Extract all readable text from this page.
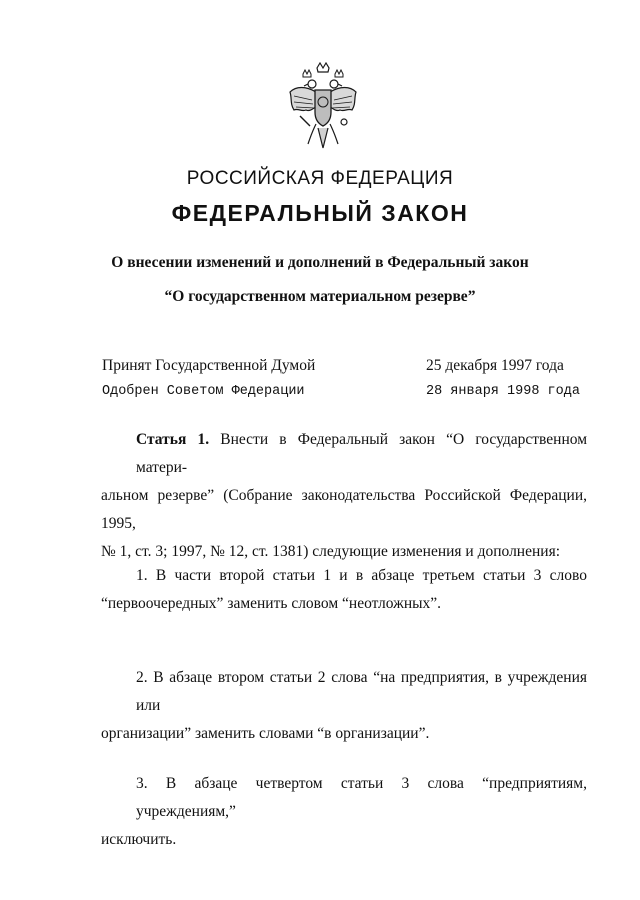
РОССИЙСКАЯ ФЕДЕРАЦИЯ
ФЕДЕРАЛЬНЫЙ ЗАКОН
О внесении изменений и дополнений в Федеральный закон
“О государственном материальном резерве”
Принят Государственной Думой	25 декабря 1997 года
Одобрен Советом Федерации	28 января 1998 года
Статья 1. Внести в Федеральный закон “О государственном матери-
альном резерве” (Собрание законодательства Российской Федерации, 1995,
№ 1, ст. 3; 1997, № 12, ст. 1381) следующие изменения и дополнения:
1. В части второй статьи 1 и в абзаце третьем статьи 3 слово
“первоочередных” заменить словом “неотложных”.
2. В абзаце втором статьи 2 слова “на предприятия, в учреждения или
организации” заменить словами “в организации”.
3. В абзаце четвертом статьи 3 слова “предприятиям, учреждениям,”
исключить.
